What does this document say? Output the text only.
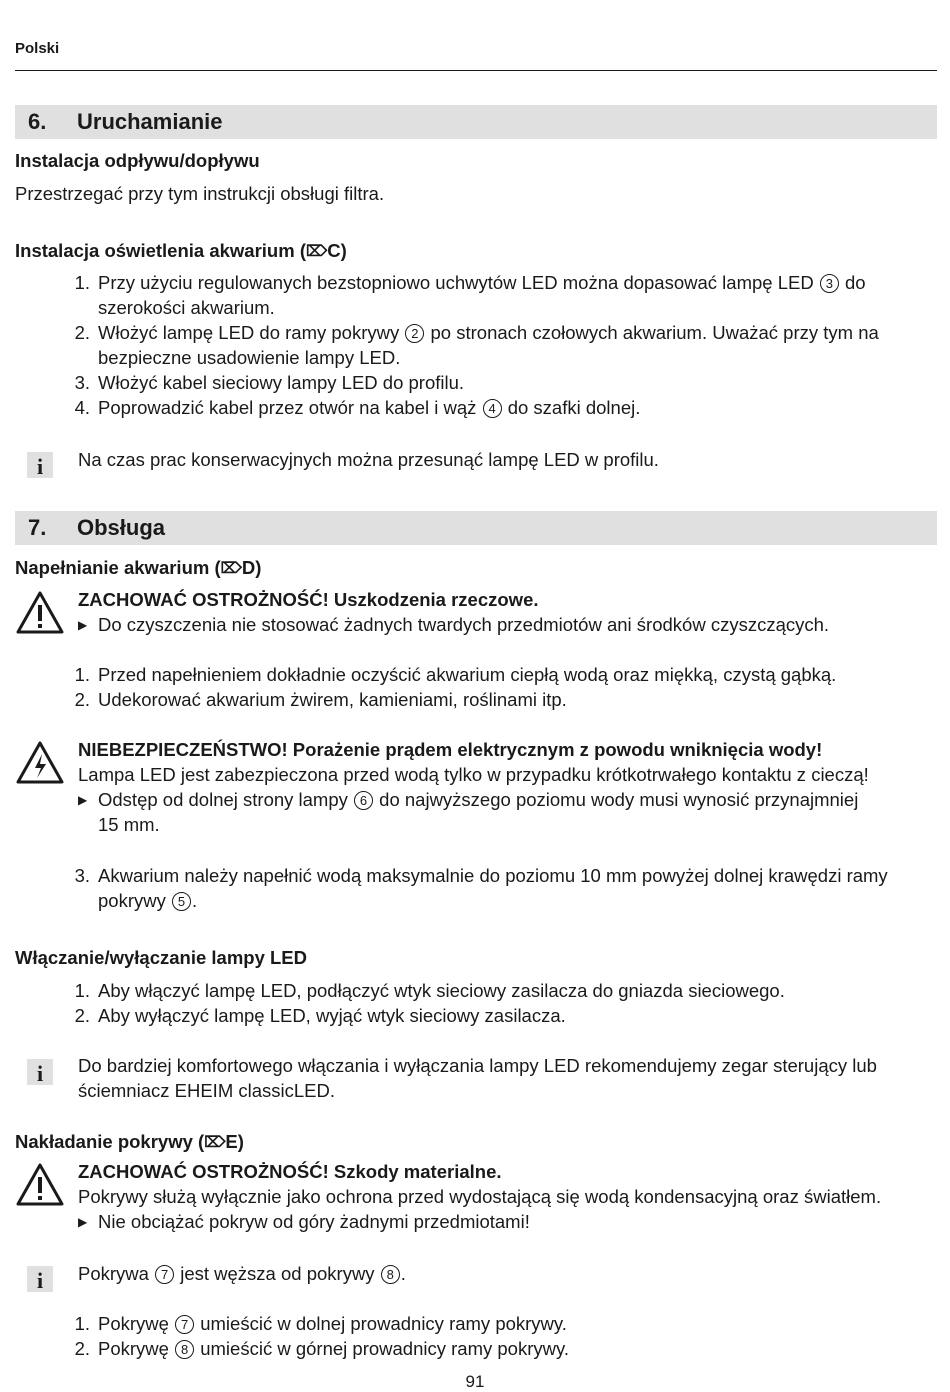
Polski
6. Uruchamianie
Instalacja odpływu/dopływu
Przestrzegać przy tym instrukcji obsługi filtra.
Instalacja oświetlenia akwarium (⌦C)
1. Przy użyciu regulowanych bezstopniowo uchwytów LED można dopasować lampę LED 3 do
szerokości akwarium.
2. Włożyć lampę LED do ramy pokrywy 2 po stronach czołowych akwarium. Uważać przy tym na
bezpieczne usadowienie lampy LED.
3. Włożyć kabel sieciowy lampy LED do profilu.
4. Poprowadzić kabel przez otwór na kabel i wąż 4 do szafki dolnej.
i Na czas prac konserwacyjnych można przesunąć lampę LED w profilu.
7. Obsługa
Napełnianie akwarium (⌦D)
ZACHOWAĆ OSTROŻNOŚĆ! Uszkodzenia rzeczowe.
▶ Do czyszczenia nie stosować żadnych twardych przedmiotów ani środków czyszczących.
1. Przed napełnieniem dokładnie oczyścić akwarium ciepłą wodą oraz miękką, czystą gąbką.
2. Udekorować akwarium żwirem, kamieniami, roślinami itp.
NIEBEZPIECZEŃSTWO! Porażenie prądem elektrycznym z powodu wniknięcia wody!
Lampa LED jest zabezpieczona przed wodą tylko w przypadku krótkotrwałego kontaktu z cieczą!
▶ Odstęp od dolnej strony lampy 6 do najwyższego poziomu wody musi wynosić przynajmniej
15 mm.
3. Akwarium należy napełnić wodą maksymalnie do poziomu 10 mm powyżej dolnej krawędzi ramy
pokrywy 5 .
Włączanie/wyłączanie lampy LED
1. Aby włączyć lampę LED, podłączyć wtyk sieciowy zasilacza do gniazda sieciowego.
2. Aby wyłączyć lampę LED, wyjąć wtyk sieciowy zasilacza.
i Do bardziej komfortowego włączania i wyłączania lampy LED rekomendujemy zegar sterujący lub
ściemniacz EHEIM classicLED.
Nakładanie pokrywy (⌦E)
ZACHOWAĆ OSTROŻNOŚĆ! Szkody materialne.
Pokrywy służą wyłącznie jako ochrona przed wydostającą się wodą kondensacyjną oraz światłem.
▶ Nie obciążać pokryw od góry żadnymi przedmiotami!
i Pokrywa 7 jest węższa od pokrywy 8 .
1. Pokrywę 7 umieścić w dolnej prowadnicy ramy pokrywy.
2. Pokrywę 8 umieścić w górnej prowadnicy ramy pokrywy.
91
